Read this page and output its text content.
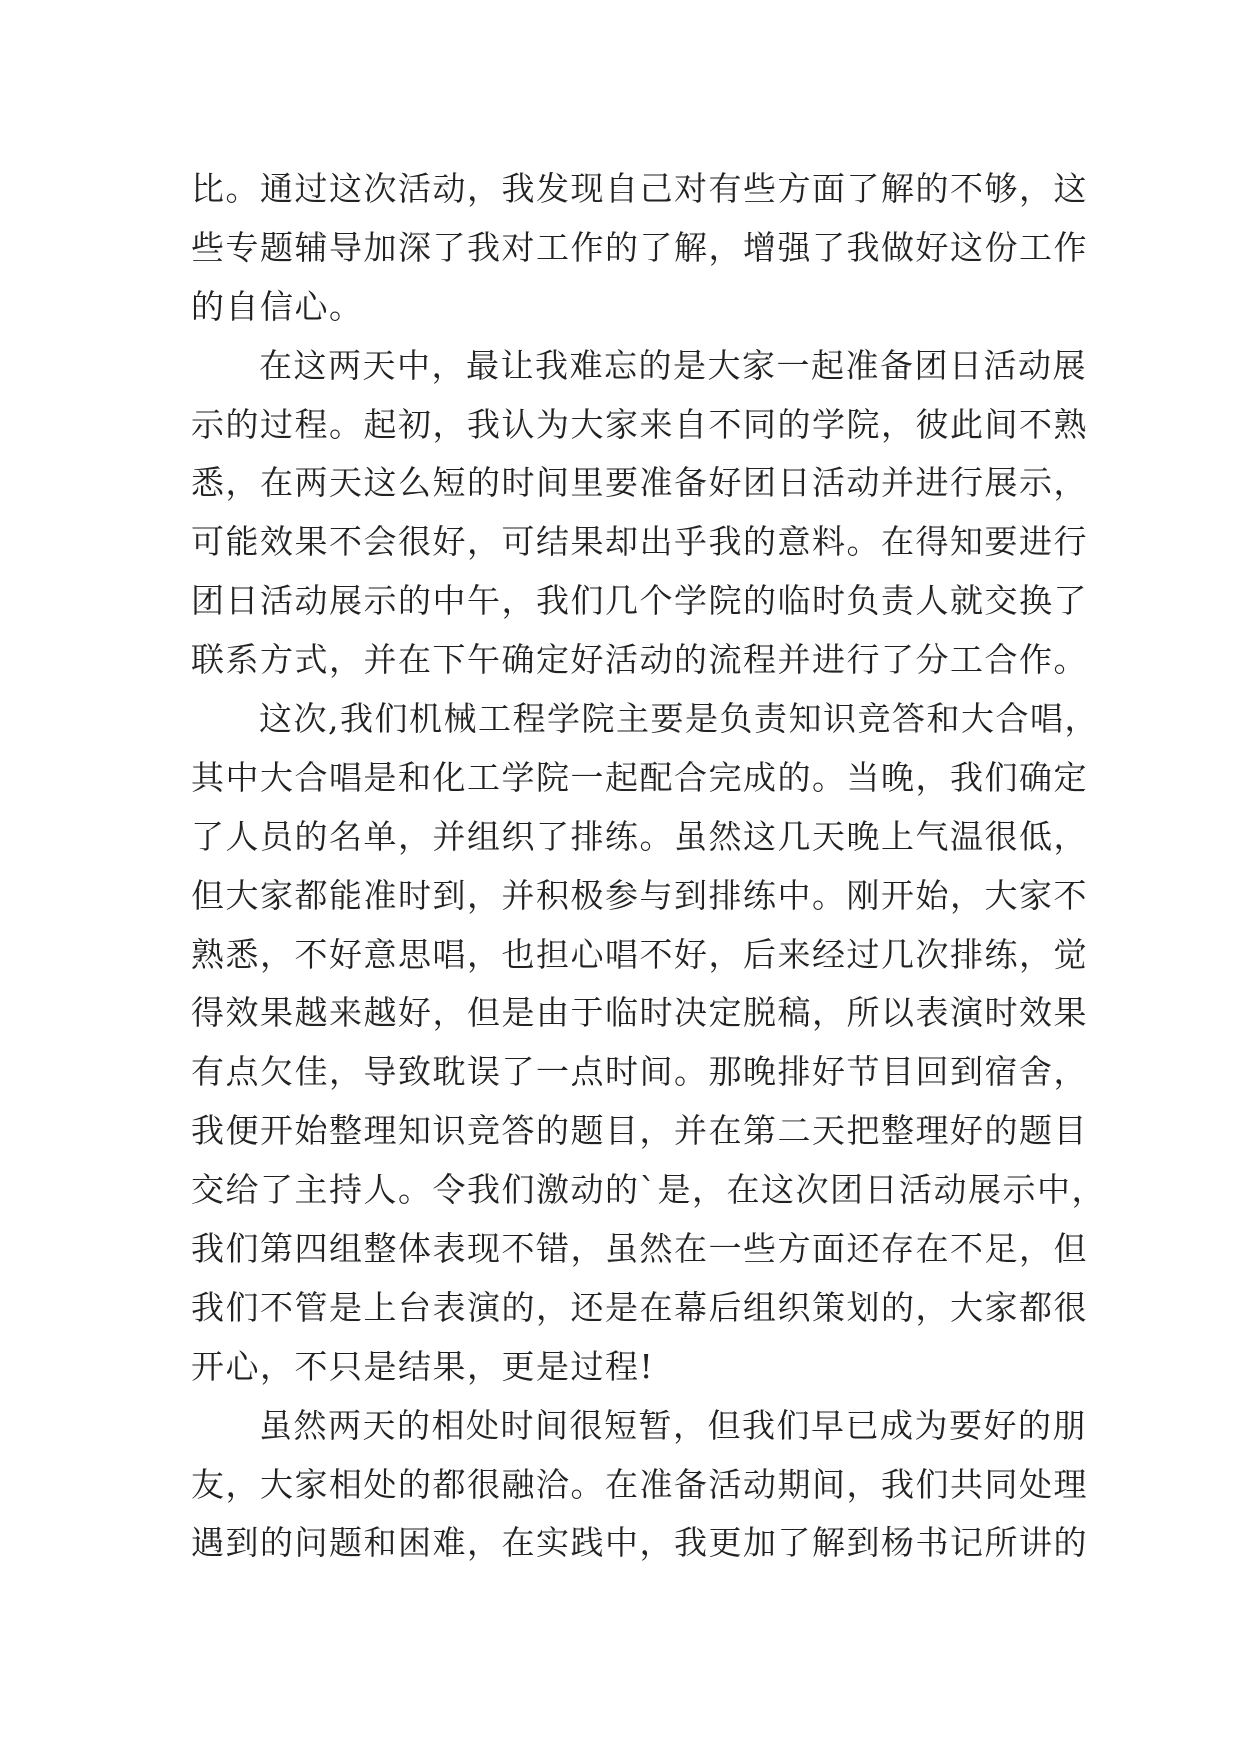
比。通过这次活动，我发现自己对有些方面了解的不够，这
些专题辅导加深了我对工作的了解，增强了我做好这份工作
的自信心。
在这两天中，最让我难忘的是大家一起准备团日活动展
示的过程。起初，我认为大家来自不同的学院，彼此间不熟
悉，在两天这么短的时间里要准备好团日活动并进行展示，
可能效果不会很好，可结果却出乎我的意料。在得知要进行
团日活动展示的中午，我们几个学院的临时负责人就交换了
联系方式，并在下午确定好活动的流程并进行了分工合作。
这次,我们机械工程学院主要是负责知识竞答和大合唱，
其中大合唱是和化工学院一起配合完成的。当晚，我们确定
了人员的名单，并组织了排练。虽然这几天晚上气温很低，
但大家都能准时到，并积极参与到排练中。刚开始，大家不
熟悉，不好意思唱，也担心唱不好，后来经过几次排练，觉
得效果越来越好，但是由于临时决定脱稿，所以表演时效果
有点欠佳，导致耽误了一点时间。那晚排好节目回到宿舍，
我便开始整理知识竞答的题目，并在第二天把整理好的题目
交给了主持人。令我们激动的`是，在这次团日活动展示中，
我们第四组整体表现不错，虽然在一些方面还存在不足，但
我们不管是上台表演的，还是在幕后组织策划的，大家都很
开心，不只是结果，更是过程!
虽然两天的相处时间很短暂，但我们早已成为要好的朋
友，大家相处的都很融洽。在准备活动期间，我们共同处理
遇到的问题和困难，在实践中，我更加了解到杨书记所讲的
